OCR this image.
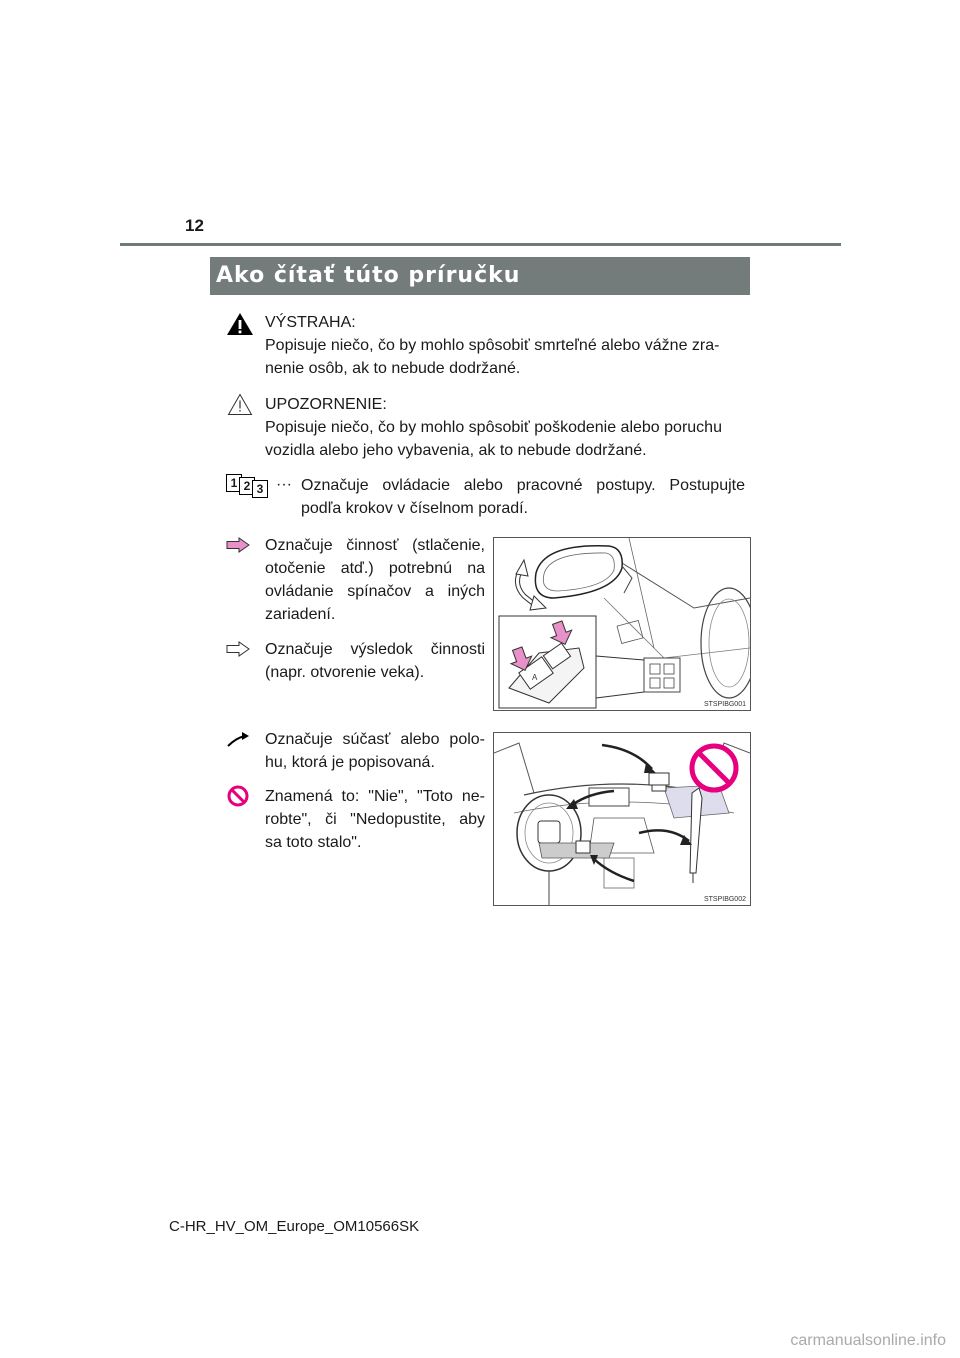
12
Ako čítať túto príručku
VÝSTRAHA:
Popisuje niečo, čo by mohlo spôsobiť smrteľné alebo vážne zra-
nenie osôb, ak to nebude dodržané.
UPOZORNENIE:
Popisuje niečo, čo by mohlo spôsobiť poškodenie alebo poruchu
vozidla alebo jeho vybavenia, ak to nebude dodržané.
1 2 3 ··· Označuje ovládacie alebo pracovné postupy. Postupujte
podľa krokov v číselnom poradí.
Označuje činnosť (stlačenie,
otočenie atď.) potrebnú na
ovládanie spínačov a iných
zariadení.
Označuje výsledok činnosti
(napr. otvorenie veka).	A
STSPIBG001
Označuje súčasť alebo polo-
hu, ktorá je popisovaná.
Znamená to: "Nie", "Toto ne-
robte", či "Nedopustite, aby
sa toto stalo".
STSPIBG002
C-HR_HV_OM_Europe_OM10566SK
carmanualsonline.info
